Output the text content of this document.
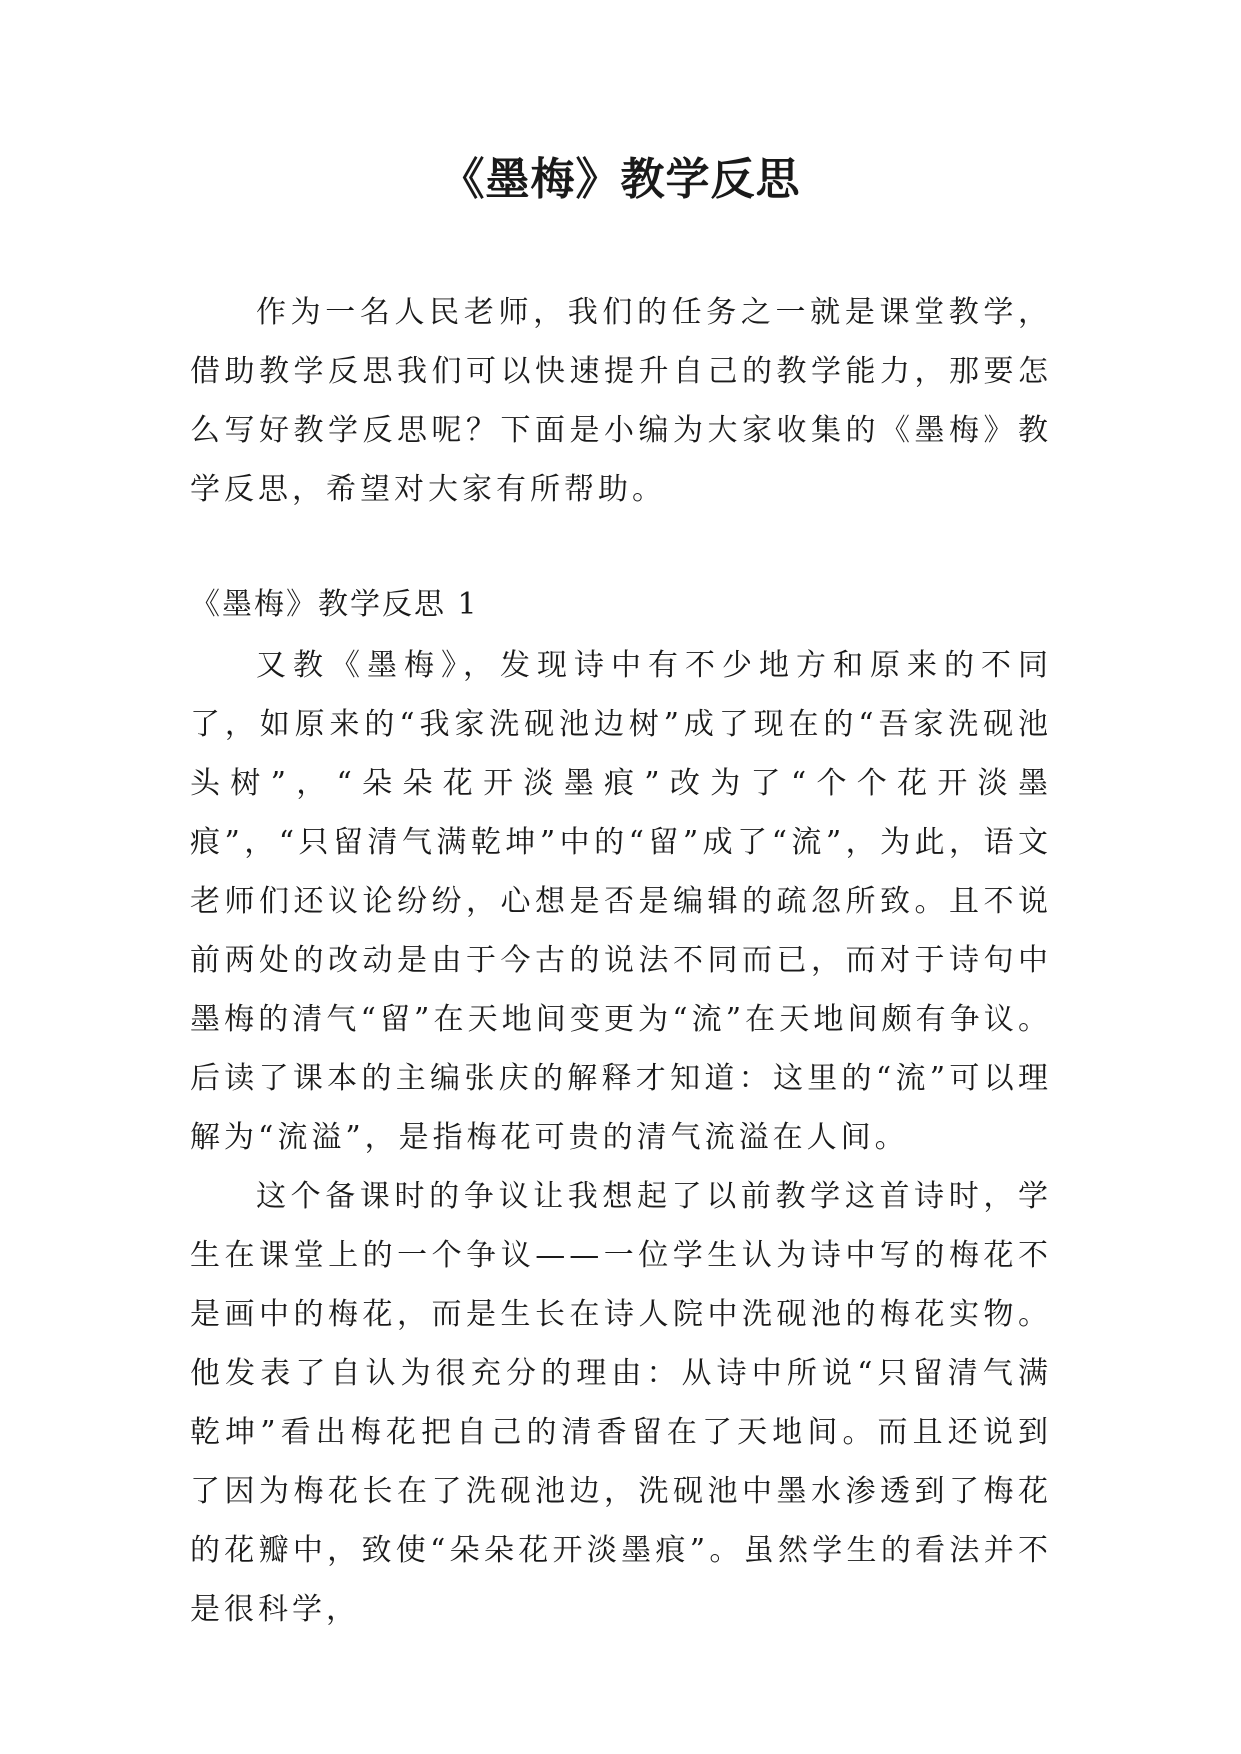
《墨梅》教学反思

作为一名人民老师，我们的任务之一就是课堂教学，借助教学反思我们可以快速提升自己的教学能力，那要怎么写好教学反思呢？下面是小编为大家收集的《墨梅》教学反思，希望对大家有所帮助。

《墨梅》教学反思 1

又教《墨梅》，发现诗中有不少地方和原来的不同了，如原来的“我家洗砚池边树”成了现在的“吾家洗砚池头树”，“朵朵花开淡墨痕”改为了“个个花开淡墨痕”，“只留清气满乾坤”中的“留”成了“流”，为此，语文老师们还议论纷纷，心想是否是编辑的疏忽所致。且不说前两处的改动是由于今古的说法不同而已，而对于诗句中墨梅的清气“留”在天地间变更为“流”在天地间颇有争议。后读了课本的主编张庆的解释才知道：这里的“流”可以理解为“流溢”，是指梅花可贵的清气流溢在人间。

这个备课时的争议让我想起了以前教学这首诗时，学生在课堂上的一个争议——一位学生认为诗中写的梅花不是画中的梅花，而是生长在诗人院中洗砚池的梅花实物。他发表了自认为很充分的理由：从诗中所说“只留清气满乾坤”看出梅花把自己的清香留在了天地间。而且还说到了因为梅花长在了洗砚池边，洗砚池中墨水渗透到了梅花的花瓣中，致使“朵朵花开淡墨痕”。虽然学生的看法并不是很科学，
